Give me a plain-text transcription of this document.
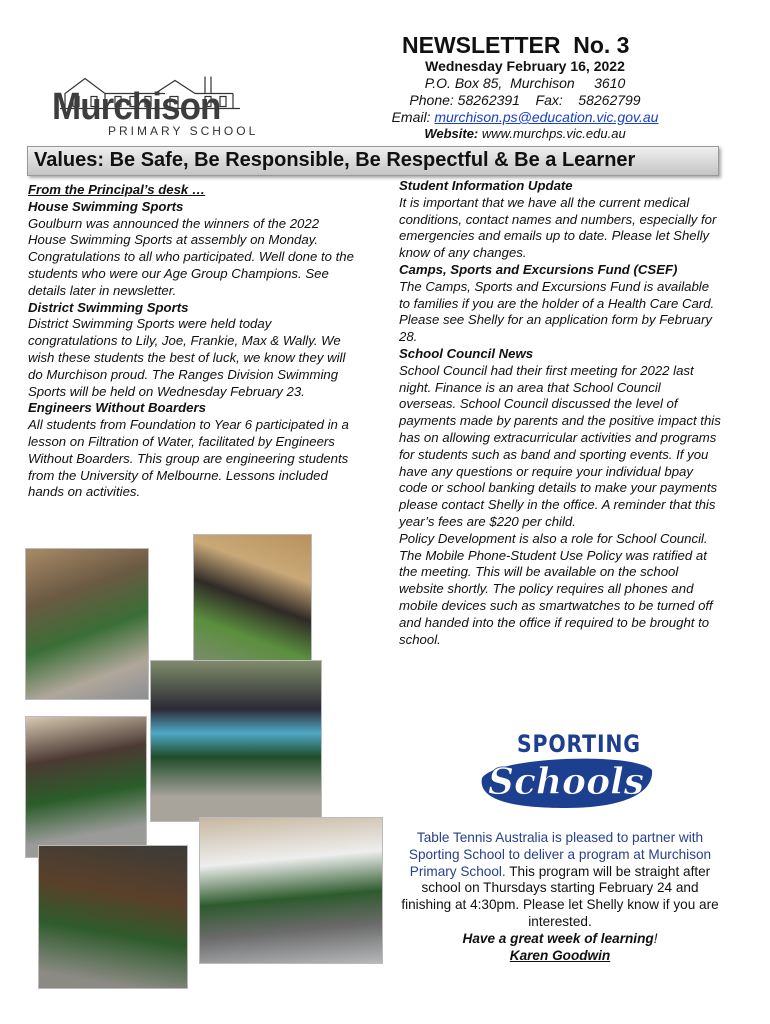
Murchison
PRIMARY SCHOOL
NEWSLETTER  No. 3
Wednesday February 16, 2022
P.O. Box 85,  Murchison     3610
Phone: 58262391    Fax:    58262799
Email: murchison.ps@education.vic.gov.au
Website: www.murchps.vic.edu.au
Values: Be Safe, Be Responsible, Be Respectful & Be a Learner

From the Principal’s desk …

House Swimming Sports

Goulburn was announced the winners of the 2022 House Swimming Sports at assembly on Monday. Congratulations to all who participated. Well done to the students who were our Age Group Champions. See details later in newsletter.

District Swimming Sports

District Swimming Sports were held today congratulations to Lily, Joe, Frankie, Max & Wally. We wish these students the best of luck, we know they will do Murchison proud. The Ranges Division Swimming Sports will be held on Wednesday February 23.

Engineers Without Boarders

All students from Foundation to Year 6 participated in a lesson on Filtration of Water, facilitated by Engineers Without Boarders. This group are engineering students from the University of Melbourne. Lessons included hands on activities.

Student Information Update

It is important that we have all the current medical conditions, contact names and numbers, especially for emergencies and emails up to date. Please let Shelly know of any changes.

Camps, Sports and Excursions Fund (CSEF)

The Camps, Sports and Excursions Fund is available to families if you are the holder of a Health Care Card. Please see Shelly for an application form by February 28.

School Council News

School Council had their first meeting for 2022 last night. Finance is an area that School Council overseas. School Council discussed the level of payments made by parents and the positive impact this has on allowing extracurricular activities and programs for students such as band and sporting events. If you have any questions or require your individual bpay code or school banking details to make your payments please contact Shelly in the office. A reminder that this year’s fees are $220 per child.

Policy Development is also a role for School Council. The Mobile Phone-Student Use Policy was ratified at the meeting. This will be available on the school website shortly. The policy requires all phones and mobile devices such as smartwatches to be turned off and handed into the office if required to be brought to school.

SPORTING
Schools
Table Tennis Australia is pleased to partner with Sporting School to deliver a program at Murchison Primary School. This program will be straight after school on Thursdays starting February 24 and finishing at 4:30pm. Please let Shelly know if you are interested.
Have a great week of learning!
Karen Goodwin
